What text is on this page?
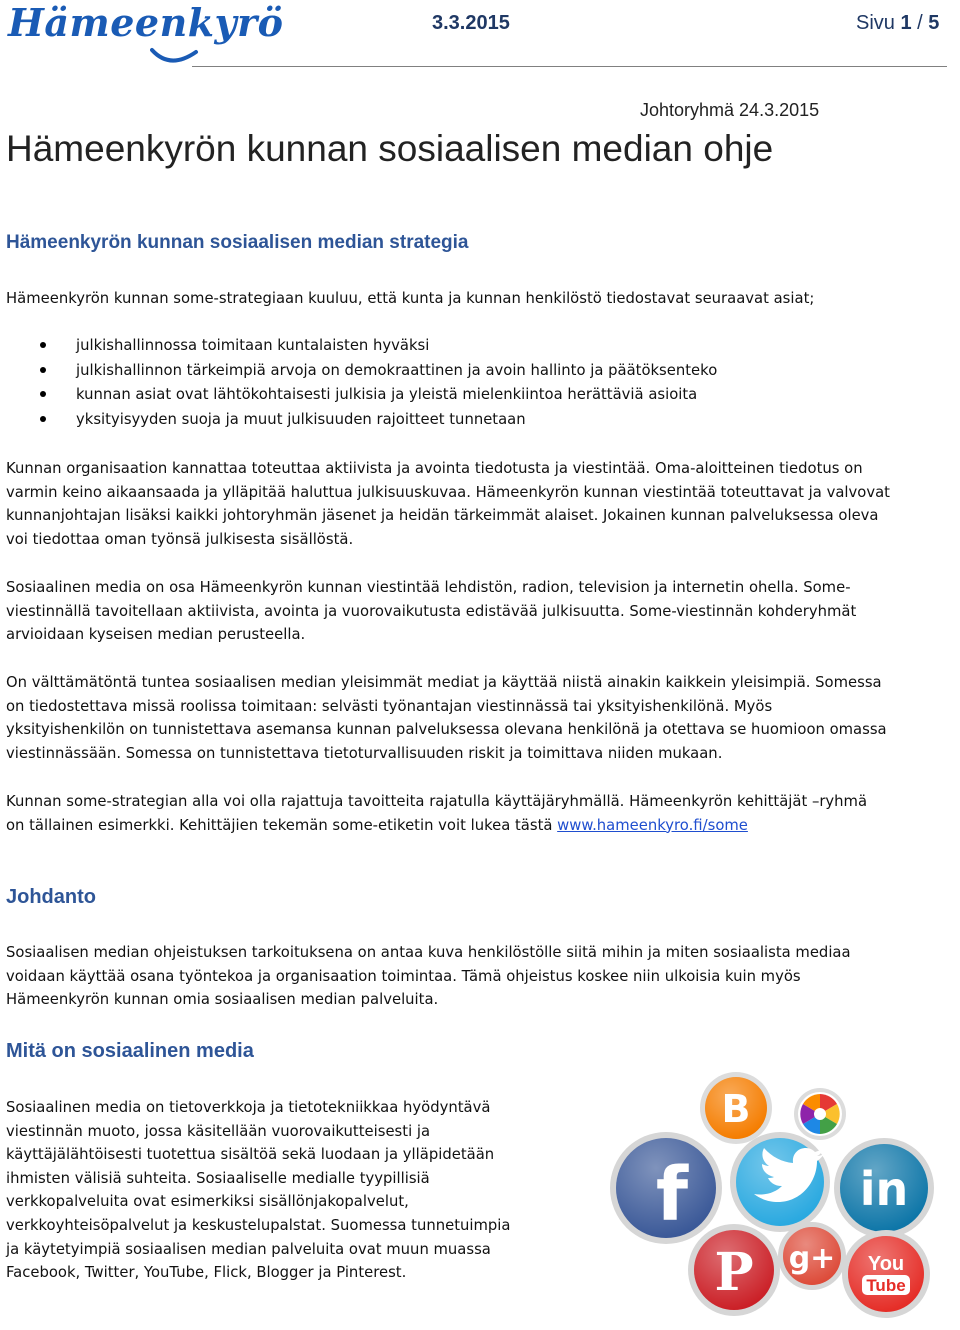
Hämeenkyrö	3.3.2015	Sivu 1 / 5
Johtoryhmä 24.3.2015
Hämeenkyrön kunnan sosiaalisen median ohje
Hämeenkyrön kunnan sosiaalisen median strategia
Hämeenkyrön kunnan some-strategiaan kuuluu, että kunta ja kunnan henkilöstö tiedostavat seuraavat asiat;
julkishallinnossa toimitaan kuntalaisten hyväksi
julkishallinnon tärkeimpiä arvoja on demokraattinen ja avoin hallinto ja päätöksenteko
kunnan asiat ovat lähtökohtaisesti julkisia ja yleistä mielenkiintoa herättäviä asioita
yksityisyyden suoja ja muut julkisuuden rajoitteet tunnetaan
Kunnan organisaation kannattaa toteuttaa aktiivista ja avointa tiedotusta ja viestintää. Oma-aloitteinen tiedotus on
varmin keino aikaansaada ja ylläpitää haluttua julkisuuskuvaa. Hämeenkyrön kunnan viestintää toteuttavat ja valvovat
kunnanjohtajan lisäksi kaikki johtoryhmän jäsenet ja heidän tärkeimmät alaiset. Jokainen kunnan palveluksessa oleva
voi tiedottaa oman työnsä julkisesta sisällöstä.
Sosiaalinen media on osa Hämeenkyrön kunnan viestintää lehdistön, radion, television ja internetin ohella. Some-
viestinnällä tavoitellaan aktiivista, avointa ja vuorovaikutusta edistävää julkisuutta. Some-viestinnän kohderyhmät
arvioidaan kyseisen median perusteella.
On välttämätöntä tuntea sosiaalisen median yleisimmät mediat ja käyttää niistä ainakin kaikkein yleisimpiä. Somessa
on tiedostettava missä roolissa toimitaan: selvästi työnantajan viestinnässä tai yksityishenkilönä. Myös
yksityishenkilön on tunnistettava asemansa kunnan palveluksessa olevana henkilönä ja otettava se huomioon omassa
viestinnässään. Somessa on tunnistettava tietoturvallisuuden riskit ja toimittava niiden mukaan.
Kunnan some-strategian alla voi olla rajattuja tavoitteita rajatulla käyttäjäryhmällä. Hämeenkyrön kehittäjät –ryhmä
on tällainen esimerkki. Kehittäjien tekemän some-etiketin voit lukea tästä www.hameenkyro.fi/some
Johdanto
Sosiaalisen median ohjeistuksen tarkoituksena on antaa kuva henkilöstölle siitä mihin ja miten sosiaalista mediaa
voidaan käyttää osana työntekoa ja organisaation toimintaa. Tämä ohjeistus koskee niin ulkoisia kuin myös
Hämeenkyrön kunnan omia sosiaalisen median palveluita.
Mitä on sosiaalinen media
Sosiaalinen media on tietoverkkoja ja tietotekniikkaa hyödyntävä
viestinnän muoto, jossa käsitellään vuorovaikutteisesti ja
käyttäjälähtöisesti tuotettua sisältöä sekä luodaan ja ylläpidetään
ihmisten välisiä suhteita. Sosiaaliselle medialle tyypillisiä
verkkopalveluita ovat esimerkiksi sisällönjakopalvelut,
verkkoyhteisöpalvelut ja keskustelupalstat. Suomessa tunnetuimpia
ja käytetyimpiä sosiaalisen median palveluita ovat muun muassa
Facebook, Twitter, YouTube, Flick, Blogger ja Pinterest.
B
f	in
g+
P	You
Tube
